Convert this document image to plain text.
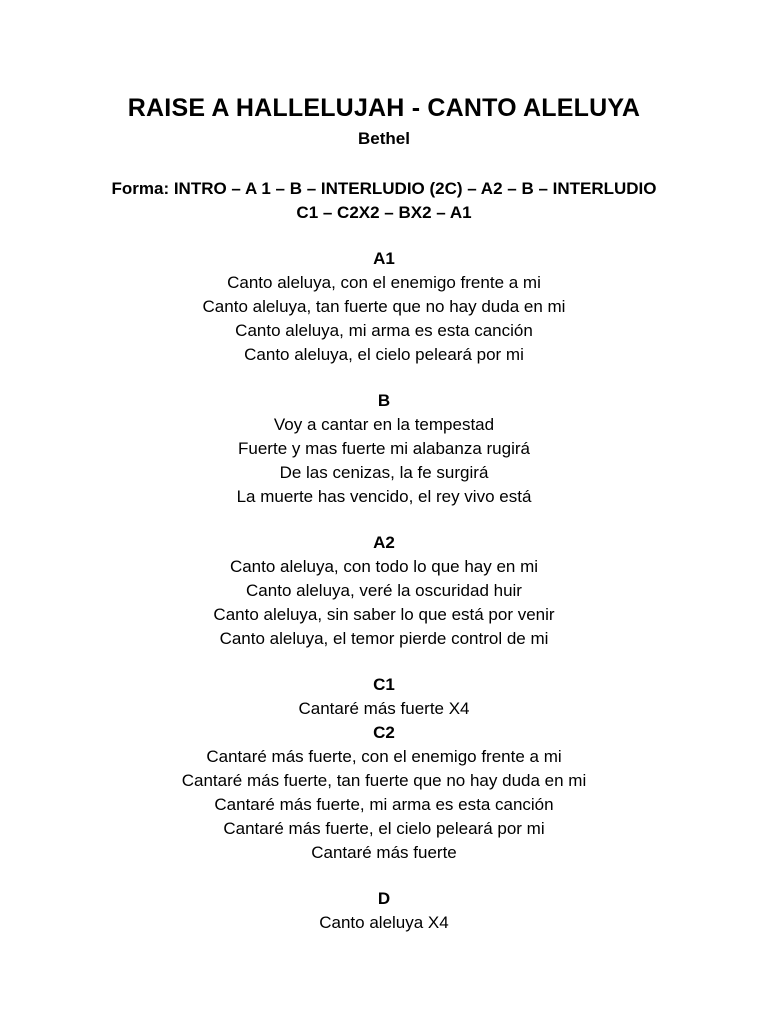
RAISE A HALLELUJAH - CANTO ALELUYA
Bethel
Forma: INTRO – A 1 – B – INTERLUDIO (2C) – A2 – B – INTERLUDIO
C1 – C2X2 – BX2 – A1
A1
Canto aleluya, con el enemigo frente a mi
Canto aleluya, tan fuerte que no hay duda en mi
Canto aleluya, mi arma es esta canción
Canto aleluya, el cielo peleará por mi
B
Voy a cantar en la tempestad
Fuerte y mas fuerte mi alabanza rugirá
De las cenizas, la fe surgirá
La muerte has vencido, el rey vivo está
A2
Canto aleluya, con todo lo que hay en mi
Canto aleluya, veré la oscuridad huir
Canto aleluya, sin saber lo que está por venir
Canto aleluya, el temor pierde control de mi
C1
Cantaré más fuerte X4
C2
Cantaré más fuerte, con el enemigo frente a mi
Cantaré más fuerte, tan fuerte que no hay duda en mi
Cantaré más fuerte, mi arma es esta canción
Cantaré más fuerte, el cielo peleará por mi
Cantaré más fuerte
D
Canto aleluya X4
